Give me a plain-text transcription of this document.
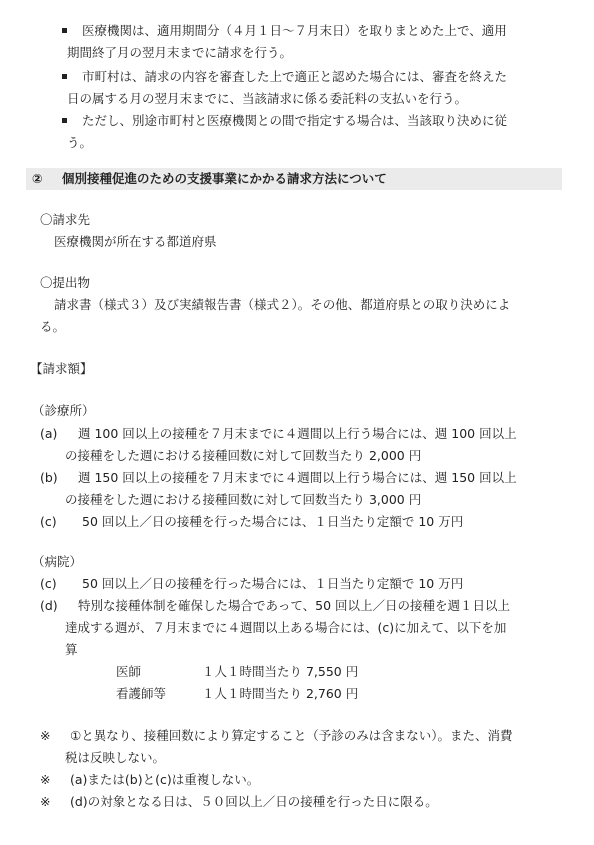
医療機関は、適用期間分（４月１日～７月末日）を取りまとめた上で、適用
期間終了月の翌月末までに請求を行う。
市町村は、請求の内容を審査した上で適正と認めた場合には、審査を終えた
日の属する月の翌月末までに、当該請求に係る委託料の支払いを行う。
ただし、別途市町村と医療機関との間で指定する場合は、当該取り決めに従
う。
② 個別接種促進のための支援事業にかかる請求方法について
〇請求先
医療機関が所在する都道府県
〇提出物
請求書（様式３）及び実績報告書（様式２）。その他、都道府県との取り決めによ
る。
【請求額】
（診療所）
(a) 週 100 回以上の接種を７月末までに４週間以上行う場合には、週 100 回以上
の接種をした週における接種回数に対して回数当たり 2,000 円
(b) 週 150 回以上の接種を７月末までに４週間以上行う場合には、週 150 回以上
の接種をした週における接種回数に対して回数当たり 3,000 円
(c) 50 回以上／日の接種を行った場合には、１日当たり定額で 10 万円
（病院）
(c) 50 回以上／日の接種を行った場合には、１日当たり定額で 10 万円
(d) 特別な接種体制を確保した場合であって、50 回以上／日の接種を週１日以上
達成する週が、７月末までに４週間以上ある場合には、(c)に加えて、以下を加
算
医師	１人１時間当たり 7,550 円
看護師等	１人１時間当たり 2,760 円
※ ①と異なり、接種回数により算定すること（予診のみは含まない）。また、消費
税は反映しない。
※ (a)または(b)と(c)は重複しない。
※ (d)の対象となる日は、５０回以上／日の接種を行った日に限る。
